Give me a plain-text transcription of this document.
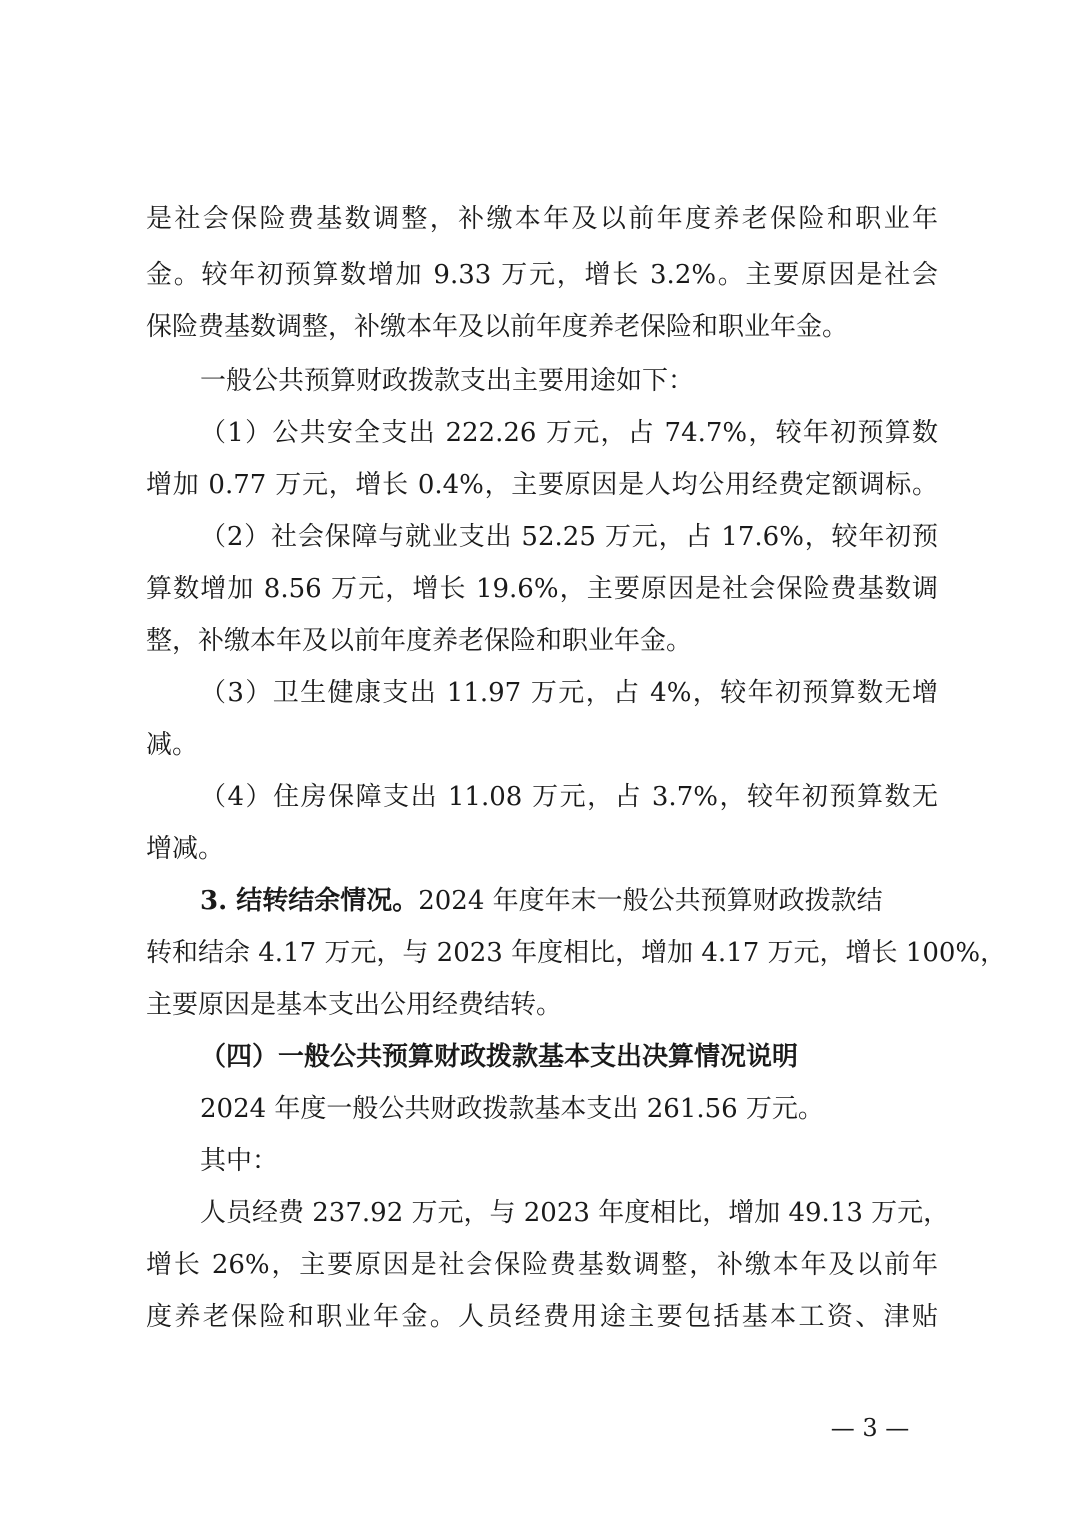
是社会保险费基数调整，补缴本年及以前年度养老保险和职业年
金。较年初预算数增加 9.33 万元，增长 3.2%。主要原因是社会
保险费基数调整，补缴本年及以前年度养老保险和职业年金。
一般公共预算财政拨款支出主要用途如下：
（1）公共安全支出 222.26 万元，占 74.7%，较年初预算数
增加 0.77 万元，增长 0.4%，主要原因是人均公用经费定额调标。
（2）社会保障与就业支出 52.25 万元，占 17.6%，较年初预
算数增加 8.56 万元，增长 19.6%，主要原因是社会保险费基数调
整，补缴本年及以前年度养老保险和职业年金。
（3）卫生健康支出 11.97 万元，占 4%，较年初预算数无增
减。
（4）住房保障支出 11.08 万元，占 3.7%，较年初预算数无
增减。
3. 结转结余情况。2024 年度年末一般公共预算财政拨款结
转和结余 4.17 万元，与 2023 年度相比，增加 4.17 万元，增长 100%，
主要原因是基本支出公用经费结转。
（四）一般公共预算财政拨款基本支出决算情况说明
2024 年度一般公共财政拨款基本支出 261.56 万元。
其中：
人员经费 237.92 万元，与 2023 年度相比，增加 49.13 万元，
增长 26%，主要原因是社会保险费基数调整，补缴本年及以前年
度养老保险和职业年金。人员经费用途主要包括基本工资、津贴
— 3 —
